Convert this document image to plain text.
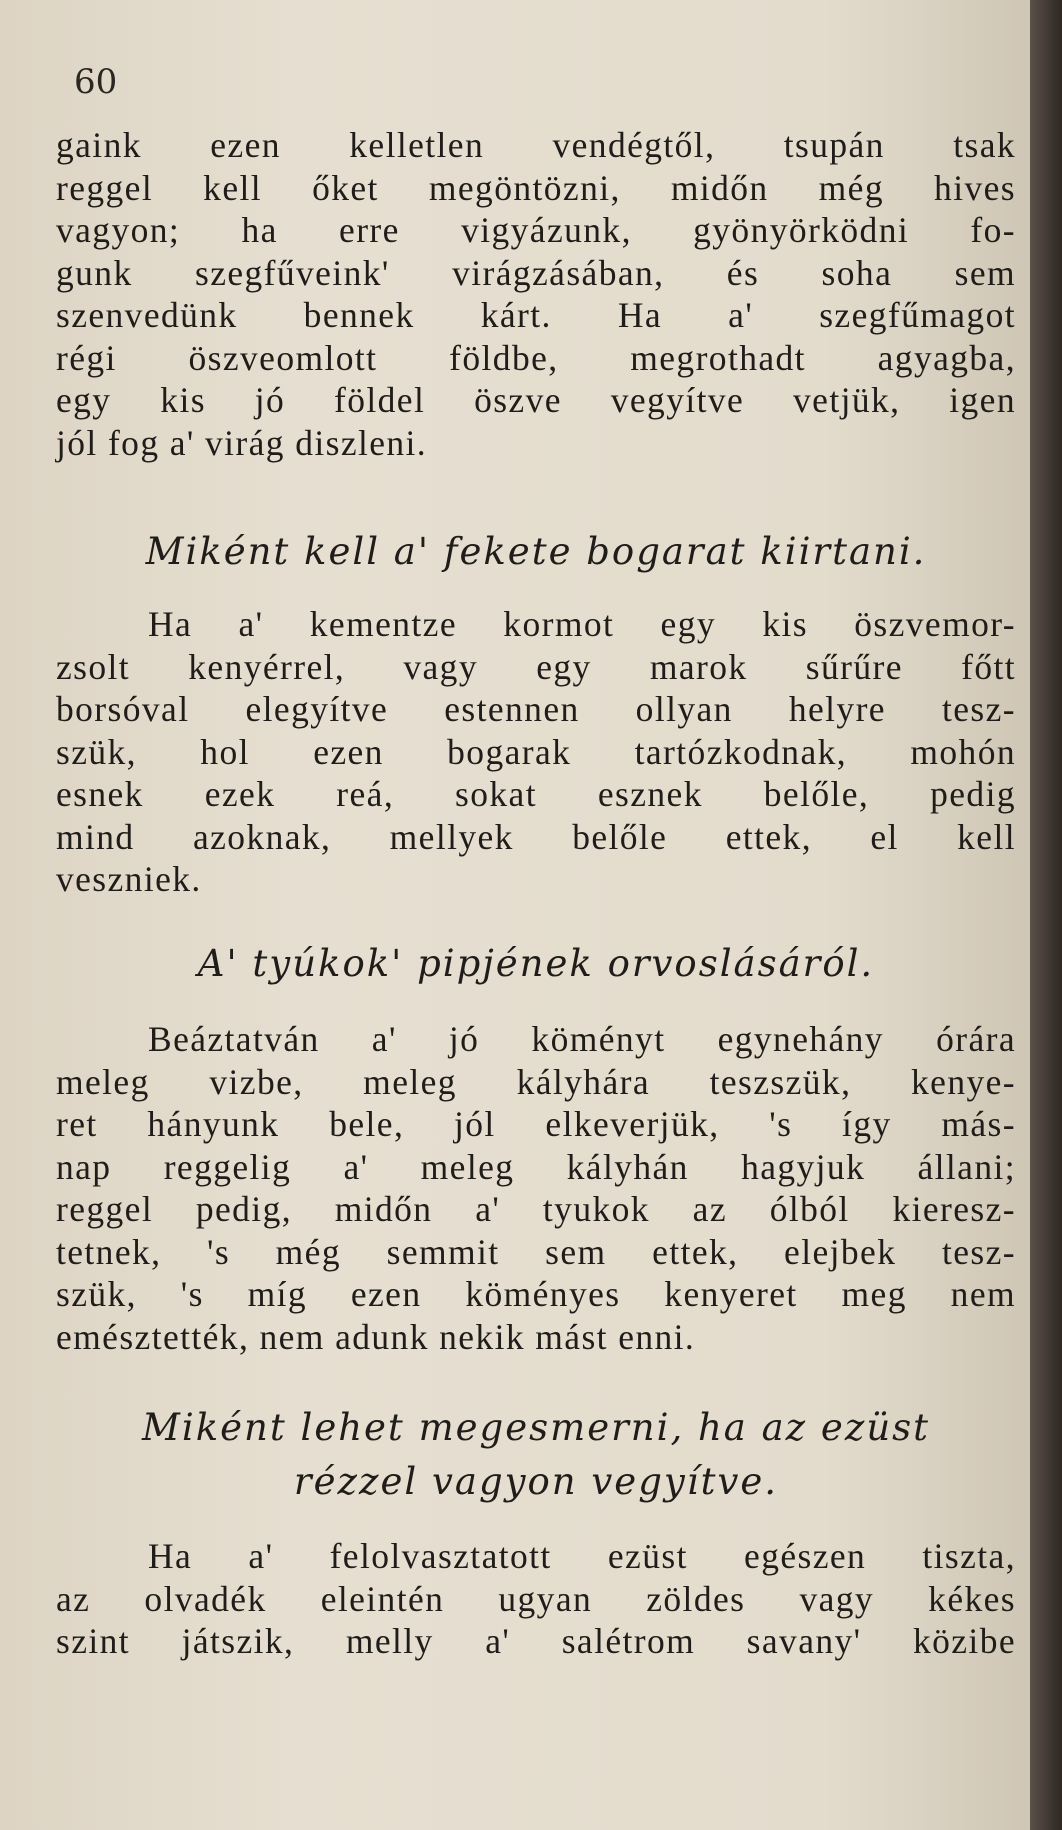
60
gaink ezen kelletlen vendégtől, tsupán tsak
reggel kell őket megöntözni, midőn még hives
vagyon; ha erre vigyázunk, gyönyörködni fo-
gunk szegfűveink' virágzásában, és soha sem
szenvedünk bennek kárt. Ha a' szegfűmagot
régi öszveomlott földbe, megrothadt agyagba,
egy kis jó földel öszve vegyítve vetjük, igen
jól fog a' virág diszleni.
Miként kell a' fekete bogarat kiirtani.
Ha a' kementze kormot egy kis öszvemor-
zsolt kenyérrel, vagy egy marok sűrűre főtt
borsóval elegyítve estennen ollyan helyre tesz-
szük, hol ezen bogarak tartózkodnak, mohón
esnek ezek reá, sokat esznek belőle, pedig
mind azoknak, mellyek belőle ettek, el kell
veszniek.
A' tyúkok' pipjének orvoslásáról.
Beáztatván a' jó köményt egynehány órára
meleg vizbe, meleg kályhára teszszük, kenye-
ret hányunk bele, jól elkeverjük, 's így más-
nap reggelig a' meleg kályhán hagyjuk állani;
reggel pedig, midőn a' tyukok az ólból kieresz-
tetnek, 's még semmit sem ettek, elejbek tesz-
szük, 's míg ezen köményes kenyeret meg nem
emésztették, nem adunk nekik mást enni.
Miként lehet megesmerni, ha az ezüst
rézzel vagyon vegyítve.
Ha a' felolvasztatott ezüst egészen tiszta,
az olvadék eleintén ugyan zöldes vagy kékes
szint játszik, melly a' salétrom savany' közibe
